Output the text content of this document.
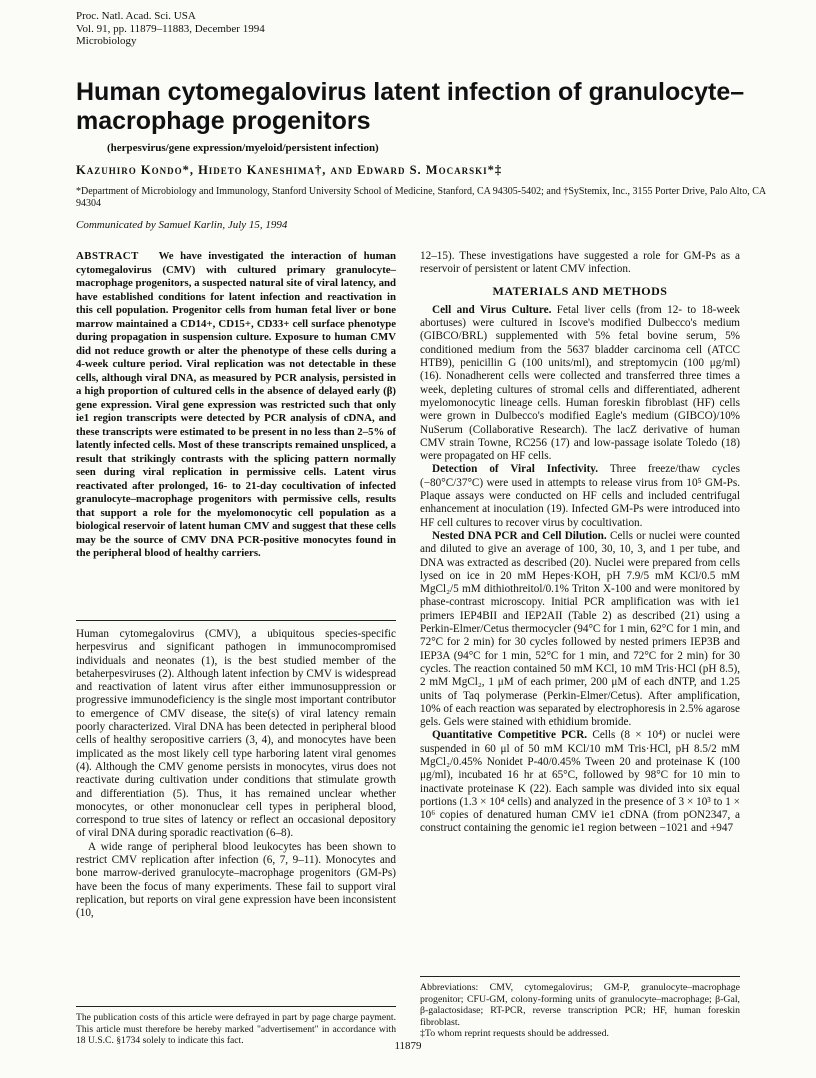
Proc. Natl. Acad. Sci. USA
Vol. 91, pp. 11879–11883, December 1994
Microbiology
Human cytomegalovirus latent infection of granulocyte–macrophage progenitors
(herpesvirus/gene expression/myeloid/persistent infection)
Kazuhiro Kondo*, Hideto Kaneshima†, and Edward S. Mocarski*‡
*Department of Microbiology and Immunology, Stanford University School of Medicine, Stanford, CA 94305-5402; and †SyStemix, Inc., 3155 Porter Drive, Palo Alto, CA 94304
Communicated by Samuel Karlin, July 15, 1994

ABSTRACT We have investigated the interaction of human cytomegalovirus (CMV) with cultured primary granulocyte–macrophage progenitors, a suspected natural site of viral latency, and have established conditions for latent infection and reactivation in this cell population. Progenitor cells from human fetal liver or bone marrow maintained a CD14+, CD15+, CD33+ cell surface phenotype during propagation in suspension culture. Exposure to human CMV did not reduce growth or alter the phenotype of these cells during a 4-week culture period. Viral replication was not detectable in these cells, although viral DNA, as measured by PCR analysis, persisted in a high proportion of cultured cells in the absence of delayed early (β) gene expression. Viral gene expression was restricted such that only ie1 region transcripts were detected by PCR analysis of cDNA, and these transcripts were estimated to be present in no less than 2–5% of latently infected cells. Most of these transcripts remained unspliced, a result that strikingly contrasts with the splicing pattern normally seen during viral replication in permissive cells. Latent virus reactivated after prolonged, 16- to 21-day cocultivation of infected granulocyte–macrophage progenitors with permissive cells, results that support a role for the myelomonocytic cell population as a biological reservoir of latent human CMV and suggest that these cells may be the source of CMV DNA PCR-positive monocytes found in the peripheral blood of healthy carriers.

Human cytomegalovirus (CMV), a ubiquitous species-specific herpesvirus and significant pathogen in immunocompromised individuals and neonates (1), is the best studied member of the betaherpesviruses (2). Although latent infection by CMV is widespread and reactivation of latent virus after either immunosuppression or progressive immunodeficiency is the single most important contributor to emergence of CMV disease, the site(s) of viral latency remain poorly characterized. Viral DNA has been detected in peripheral blood cells of healthy seropositive carriers (3, 4), and monocytes have been implicated as the most likely cell type harboring latent viral genomes (4). Although the CMV genome persists in monocytes, virus does not reactivate during cultivation under conditions that stimulate growth and differentiation (5). Thus, it has remained unclear whether monocytes, or other mononuclear cell types in peripheral blood, correspond to true sites of latency or reflect an occasional depository of viral DNA during sporadic reactivation (6–8).

A wide range of peripheral blood leukocytes has been shown to restrict CMV replication after infection (6, 7, 9–11). Monocytes and bone marrow-derived granulocyte–macrophage progenitors (GM-Ps) have been the focus of many experiments. These fail to support viral replication, but reports on viral gene expression have been inconsistent (10,

The publication costs of this article were defrayed in part by page charge payment. This article must therefore be hereby marked "advertisement" in accordance with 18 U.S.C. §1734 solely to indicate this fact.

12–15). These investigations have suggested a role for GM-Ps as a reservoir of persistent or latent CMV infection.

MATERIALS AND METHODS

Cell and Virus Culture. Fetal liver cells (from 12- to 18-week abortuses) were cultured in Iscove's modified Dulbecco's medium (GIBCO/BRL) supplemented with 5% fetal bovine serum, 5% conditioned medium from the 5637 bladder carcinoma cell (ATCC HTB9), penicillin G (100 units/ml), and streptomycin (100 μg/ml) (16). Nonadherent cells were collected and transferred three times a week, depleting cultures of stromal cells and differentiated, adherent myelomonocytic lineage cells. Human foreskin fibroblast (HF) cells were grown in Dulbecco's modified Eagle's medium (GIBCO)/10% NuSerum (Collaborative Research). The lacZ derivative of human CMV strain Towne, RC256 (17) and low-passage isolate Toledo (18) were propagated on HF cells.

Detection of Viral Infectivity. Three freeze/thaw cycles (−80°C/37°C) were used in attempts to release virus from 10⁵ GM-Ps. Plaque assays were conducted on HF cells and included centrifugal enhancement at inoculation (19). Infected GM-Ps were introduced into HF cell cultures to recover virus by cocultivation.

Nested DNA PCR and Cell Dilution. Cells or nuclei were counted and diluted to give an average of 100, 30, 10, 3, and 1 per tube, and DNA was extracted as described (20). Nuclei were prepared from cells lysed on ice in 20 mM Hepes·KOH, pH 7.9/5 mM KCl/0.5 mM MgCl₂/5 mM dithiothreitol/0.1% Triton X-100 and were monitored by phase-contrast microscopy. Initial PCR amplification was with ie1 primers IEP4BII and IEP2AII (Table 2) as described (21) using a Perkin-Elmer/Cetus thermocycler (94°C for 1 min, 62°C for 1 min, and 72°C for 2 min) for 30 cycles followed by nested primers IEP3B and IEP3A (94°C for 1 min, 52°C for 1 min, and 72°C for 2 min) for 30 cycles. The reaction contained 50 mM KCl, 10 mM Tris·HCl (pH 8.5), 2 mM MgCl₂, 1 μM of each primer, 200 μM of each dNTP, and 1.25 units of Taq polymerase (Perkin-Elmer/Cetus). After amplification, 10% of each reaction was separated by electrophoresis in 2.5% agarose gels. Gels were stained with ethidium bromide.

Quantitative Competitive PCR. Cells (8 × 10⁴) or nuclei were suspended in 60 μl of 50 mM KCl/10 mM Tris·HCl, pH 8.5/2 mM MgCl₂/0.45% Nonidet P-40/0.45% Tween 20 and proteinase K (100 μg/ml), incubated 16 hr at 65°C, followed by 98°C for 10 min to inactivate proteinase K (22). Each sample was divided into six equal portions (1.3 × 10⁴ cells) and analyzed in the presence of 3 × 10³ to 1 × 10⁶ copies of denatured human CMV ie1 cDNA (from pON2347, a construct containing the genomic ie1 region between −1021 and +947

Abbreviations: CMV, cytomegalovirus; GM-P, granulocyte–macrophage progenitor; CFU-GM, colony-forming units of granulocyte–macrophage; β-Gal, β-galactosidase; RT-PCR, reverse transcription PCR; HF, human foreskin fibroblast.
‡To whom reprint requests should be addressed.
11879
